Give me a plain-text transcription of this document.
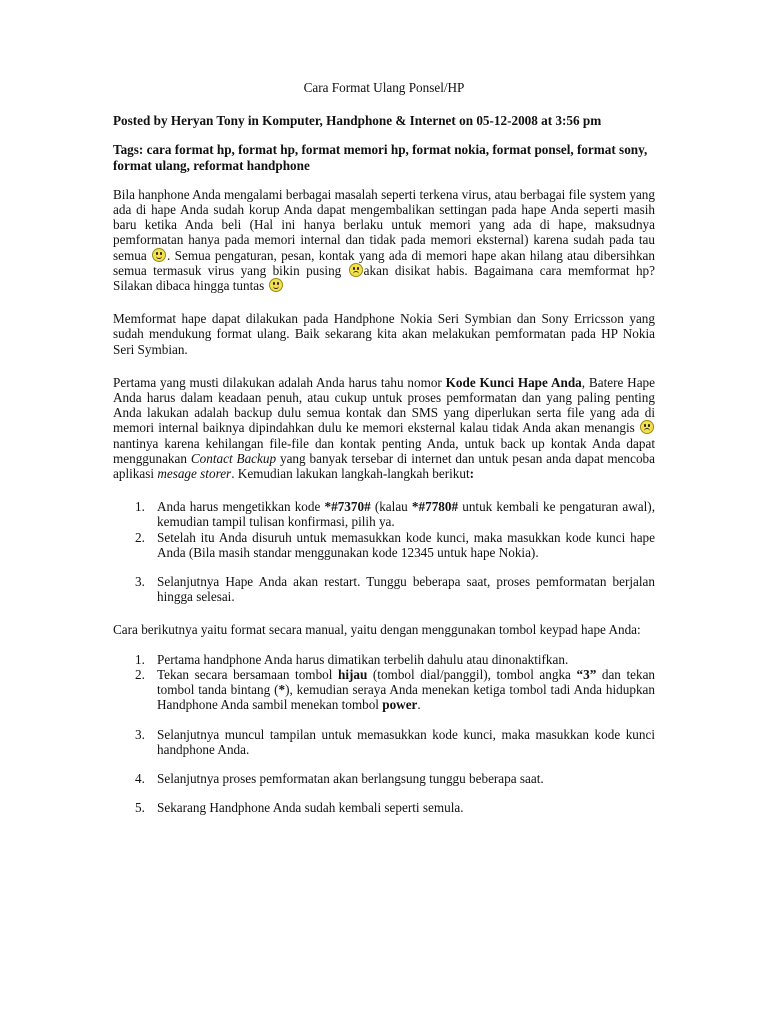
Cara Format Ulang Ponsel/HP
Posted by Heryan Tony in Komputer, Handphone & Internet on 05-12-2008 at 3:56 pm
Tags: cara format hp, format hp, format memori hp, format nokia, format ponsel, format sony, format ulang, reformat handphone
Bila hanphone Anda mengalami berbagai masalah seperti terkena virus, atau berbagai file system yang ada di hape Anda sudah korup Anda dapat mengembalikan settingan pada hape Anda seperti masih baru ketika Anda beli (Hal ini hanya berlaku untuk memori yang ada di hape, maksudnya pemformatan hanya pada memori internal dan tidak pada memori eksternal) karena sudah pada tau semua . Semua pengaturan, pesan, kontak yang ada di memori hape akan hilang atau dibersihkan semua termasuk virus yang bikin pusing akan disikat habis. Bagaimana cara memformat hp? Silakan dibaca hingga tuntas
Memformat hape dapat dilakukan pada Handphone Nokia Seri Symbian dan Sony Erricsson yang sudah mendukung format ulang. Baik sekarang kita akan melakukan pemformatan pada HP Nokia Seri Symbian.
Pertama yang musti dilakukan adalah Anda harus tahu nomor Kode Kunci Hape Anda, Batere Hape Anda harus dalam keadaan penuh, atau cukup untuk proses pemformatan dan yang paling penting Anda lakukan adalah backup dulu semua kontak dan SMS yang diperlukan serta file yang ada di memori internal baiknya dipindahkan dulu ke memori eksternal kalau tidak Anda akan menangis
nantinya karena kehilangan file-file dan kontak penting Anda, untuk back up kontak Anda dapat menggunakan Contact Backup yang banyak tersebar di internet dan untuk pesan anda dapat mencoba aplikasi mesage storer. Kemudian lakukan langkah-langkah berikut:
1. Anda harus mengetikkan kode *#7370# (kalau *#7780# untuk kembali ke pengaturan awal), kemudian tampil tulisan konfirmasi, pilih ya.
2. Setelah itu Anda disuruh untuk memasukkan kode kunci, maka masukkan kode kunci hape Anda (Bila masih standar menggunakan kode 12345 untuk hape Nokia).
3. Selanjutnya Hape Anda akan restart. Tunggu beberapa saat, proses pemformatan berjalan hingga selesai.
Cara berikutnya yaitu format secara manual, yaitu dengan menggunakan tombol keypad hape Anda:
1. Pertama handphone Anda harus dimatikan terbelih dahulu atau dinonaktifkan.
2. Tekan secara bersamaan tombol hijau (tombol dial/panggil), tombol angka “3” dan tekan tombol tanda bintang (*), kemudian seraya Anda menekan ketiga tombol tadi Anda hidupkan Handphone Anda sambil menekan tombol power.
3. Selanjutnya muncul tampilan untuk memasukkan kode kunci, maka masukkan kode kunci handphone Anda.
4. Selanjutnya proses pemformatan akan berlangsung tunggu beberapa saat.
5. Sekarang Handphone Anda sudah kembali seperti semula.
